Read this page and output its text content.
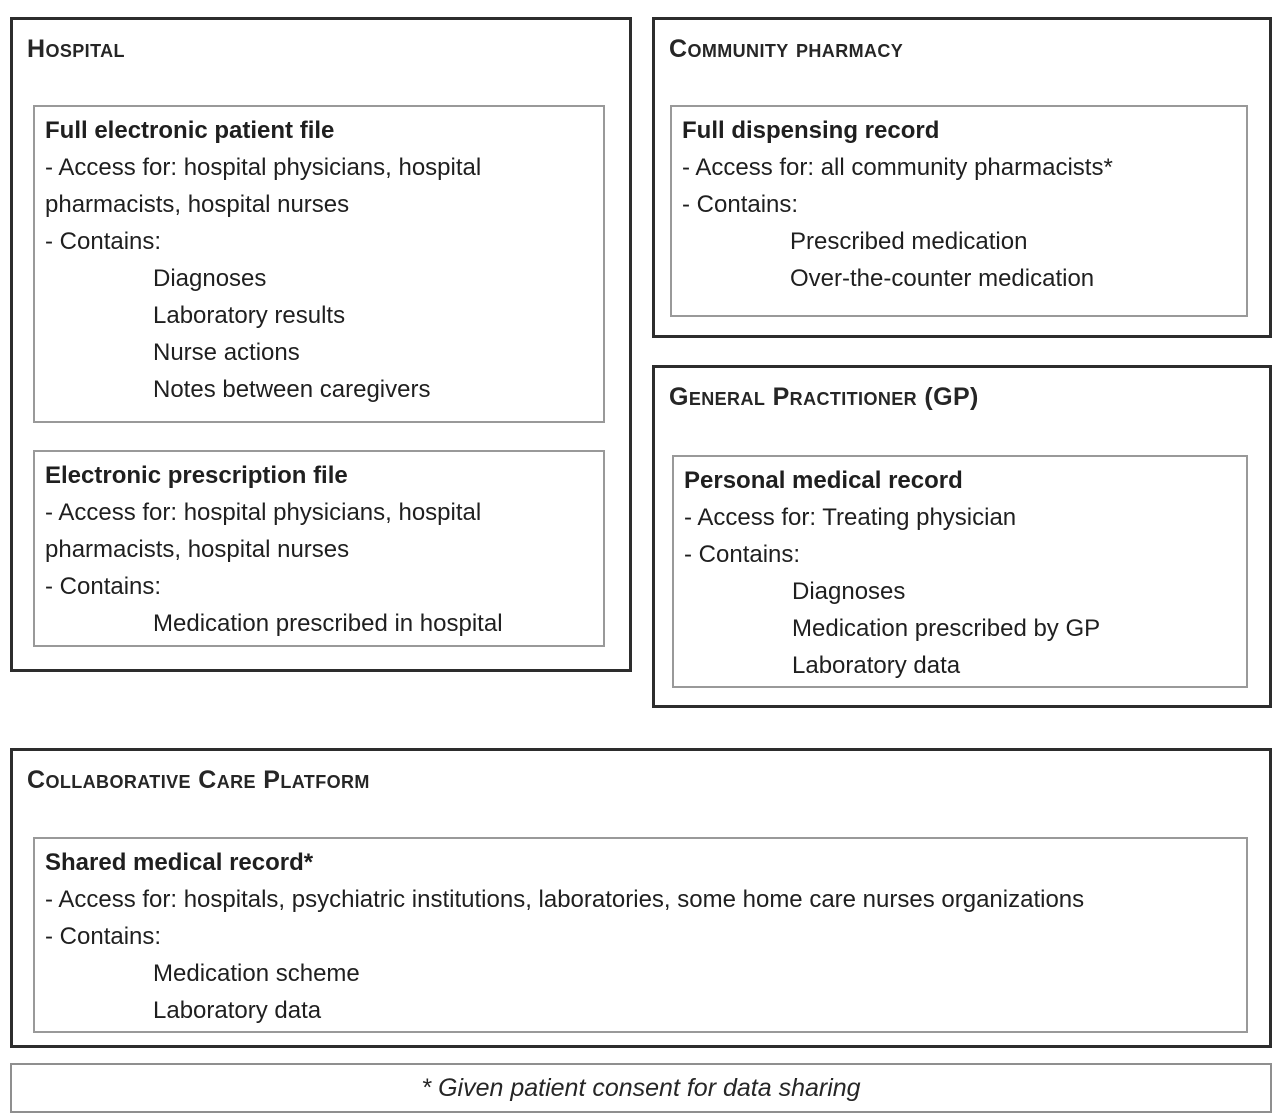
Hospital
Full electronic patient file
- Access for: hospital physicians, hospital
pharmacists, hospital nurses
- Contains:
Diagnoses
Laboratory results
Nurse actions
Notes between caregivers
Electronic prescription file
- Access for: hospital physicians, hospital
pharmacists, hospital nurses
- Contains:
Medication prescribed in hospital
Community pharmacy
Full dispensing record
- Access for: all community pharmacists*
- Contains:
Prescribed medication
Over-the-counter medication
General Practitioner (GP)
Personal medical record
- Access for: Treating physician
- Contains:
Diagnoses
Medication prescribed by GP
Laboratory data
Collaborative Care Platform
Shared medical record*
- Access for: hospitals, psychiatric institutions, laboratories, some home care nurses organizations
- Contains:
Medication scheme
Laboratory data
* Given patient consent for data sharing
